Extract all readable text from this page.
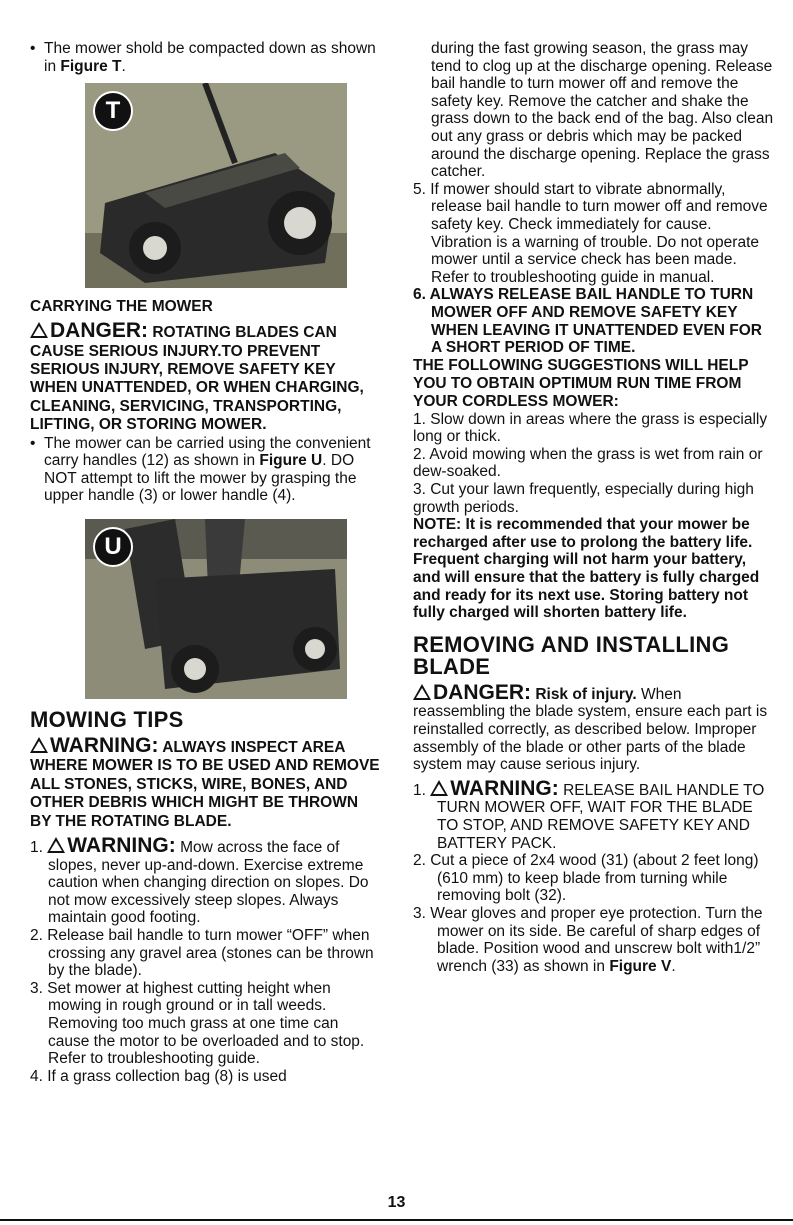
•  The mower shold be compacted down as shown in Figure T.

T

CARRYING THE MOWER

DANGER: ROTATING BLADES CAN CAUSE SERIOUS INJURY.TO PREVENT SERIOUS INJURY, REMOVE SAFETY KEY WHEN UNATTENDED, OR WHEN CHARGING, CLEANING, SERVICING, TRANSPORTING, LIFTING, OR STORING MOWER.

•  The mower can be carried using the convenient carry handles (12) as shown in Figure U. DO NOT attempt to lift the mower by grasping the upper handle (3) or lower handle (4).

U

MOWING TIPS

WARNING: ALWAYS INSPECT AREA WHERE MOWER IS TO BE USED AND REMOVE ALL STONES, STICKS, WIRE, BONES, AND OTHER DEBRIS WHICH MIGHT BE THROWN BY THE ROTATING BLADE.

1. WARNING: Mow across the face of slopes, never up-and-down. Exercise extreme caution when changing direction on slopes. Do not mow excessively steep slopes. Always maintain good footing.

2. Release bail handle to turn mower “OFF” when crossing any gravel area (stones can be thrown by the blade).

3. Set mower at highest cutting height when mowing in rough ground or in tall weeds. Removing too much grass at one time can cause the motor to be overloaded and to stop. Refer to troubleshooting guide.

4. If a grass collection bag (8) is used

during the fast growing season, the grass may tend to clog up at the discharge opening. Release bail handle to turn mower off and remove the safety key. Remove the catcher and shake the grass down to the back end of the bag. Also clean out any grass or debris which may be packed around the discharge opening. Replace the grass catcher.

5. If mower should start to vibrate abnormally, release bail handle to turn mower off and remove safety key. Check immediately for cause. Vibration is a warning of trouble. Do not operate mower until a service check has been made. Refer to troubleshooting guide in manual.

6. ALWAYS RELEASE BAIL HANDLE TO TURN MOWER OFF AND REMOVE SAFETY KEY WHEN LEAVING IT UNATTENDED EVEN FOR A SHORT PERIOD OF TIME.

THE FOLLOWING SUGGESTIONS WILL HELP YOU TO OBTAIN OPTIMUM RUN TIME FROM YOUR CORDLESS MOWER:

1. Slow down in areas where the grass is especially long or thick.

2. Avoid mowing when the grass is wet from rain or dew-soaked.

3. Cut your lawn frequently, especially during high growth periods.

NOTE: It is recommended that your mower be recharged after use to prolong the battery life. Frequent charging will not harm your battery, and will ensure that the battery is fully charged and ready for its next use. Storing battery not fully charged will shorten battery life.

REMOVING AND INSTALLING BLADE

DANGER: Risk of injury. When reassembling the blade system, ensure each part is reinstalled correctly, as described below. Improper assembly of the blade or other parts of the blade system may cause serious injury.

1. WARNING: RELEASE BAIL HANDLE TO TURN MOWER OFF, WAIT FOR THE BLADE TO STOP, AND REMOVE SAFETY KEY AND BATTERY PACK.

2. Cut a piece of 2x4 wood (31) (about 2 feet long) (610 mm) to keep blade from turning while removing bolt (32).

3. Wear gloves and proper eye protection. Turn the mower on its side. Be careful of sharp edges of blade. Position wood and unscrew bolt with1/2” wrench (33) as shown in Figure V.

13
